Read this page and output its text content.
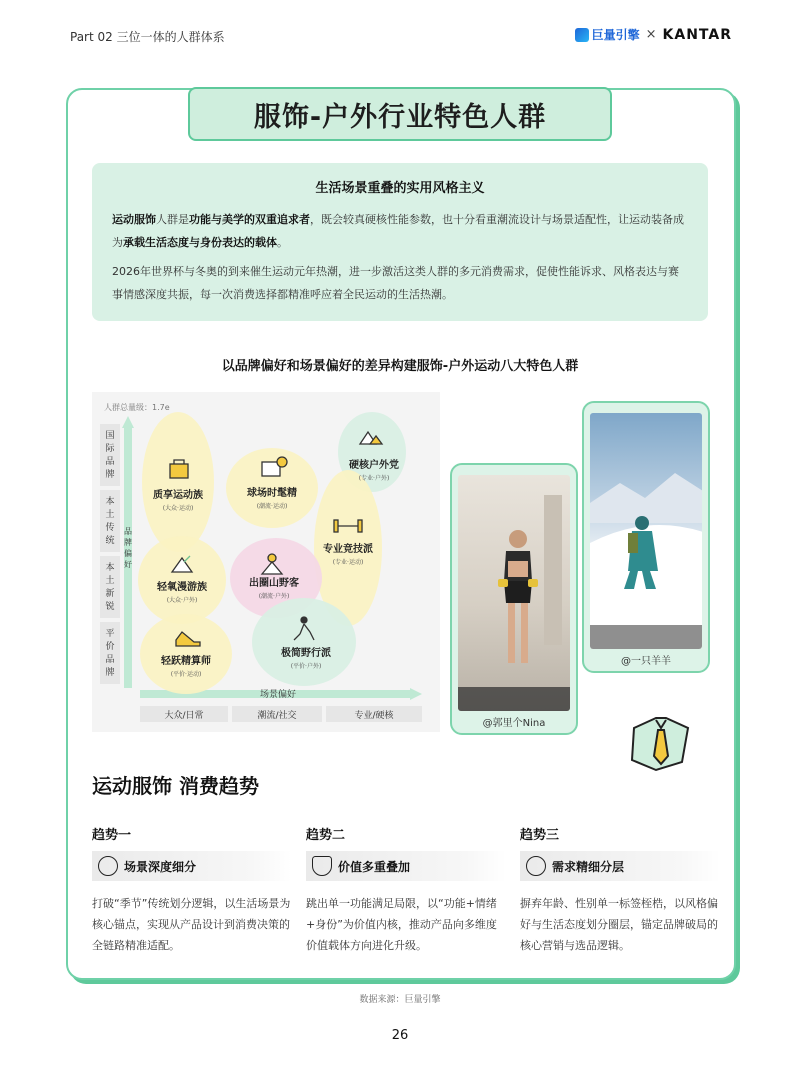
Part 02 三位一体的人群体系	巨量引擎 × KANTAR
服饰-户外行业特色人群
生活场景重叠的实用风格主义

运动服饰人群是功能与美学的双重追求者，既会较真硬核性能参数，也十分看重潮流设计与场景适配性，让运动装备成为承载生活态度与身份表达的载体。

2026年世界杯与冬奥的到来催生运动元年热潮，进一步激活这类人群的多元消费需求，促使性能诉求、风格表达与赛事情感深度共振，每一次消费选择都精准呼应着全民运动的生活热潮。

以品牌偏好和场景偏好的差异构建服饰-户外运动八大特色人群
人群总量级：1.7e
国际品牌
本土传统
本土新锐
平价品牌
品牌偏好
场景偏好
大众/日常	潮流/社交	专业/硬核
质享运动族	球场时髦精
硬核户外党
专业竞技派
出圈山野客
轻氧漫游族
轻跃精算师
极简野行派
(大众·运动)	(潮流·运动)
(专业·户外)
(专业·运动)
(潮流·户外)
(大众·户外)
(平价·运动)
(平价·户外)
@郭里个Nina
@一只羊羊
运动服饰 消费趋势
趋势一
场景深度细分

打破“季节”传统划分逻辑，以生活场景为核心锚点，实现从产品设计到消费决策的全链路精准适配。

趋势二
价值多重叠加

跳出单一功能满足局限，以“功能+情绪+身份”为价值内核，推动产品向多维度价值载体方向进化升级。

趋势三
需求精细分层

摒弃年龄、性别单一标签桎梏，以风格偏好与生活态度划分圈层，锚定品牌破局的核心营销与选品逻辑。

数据来源：巨量引擎
26
